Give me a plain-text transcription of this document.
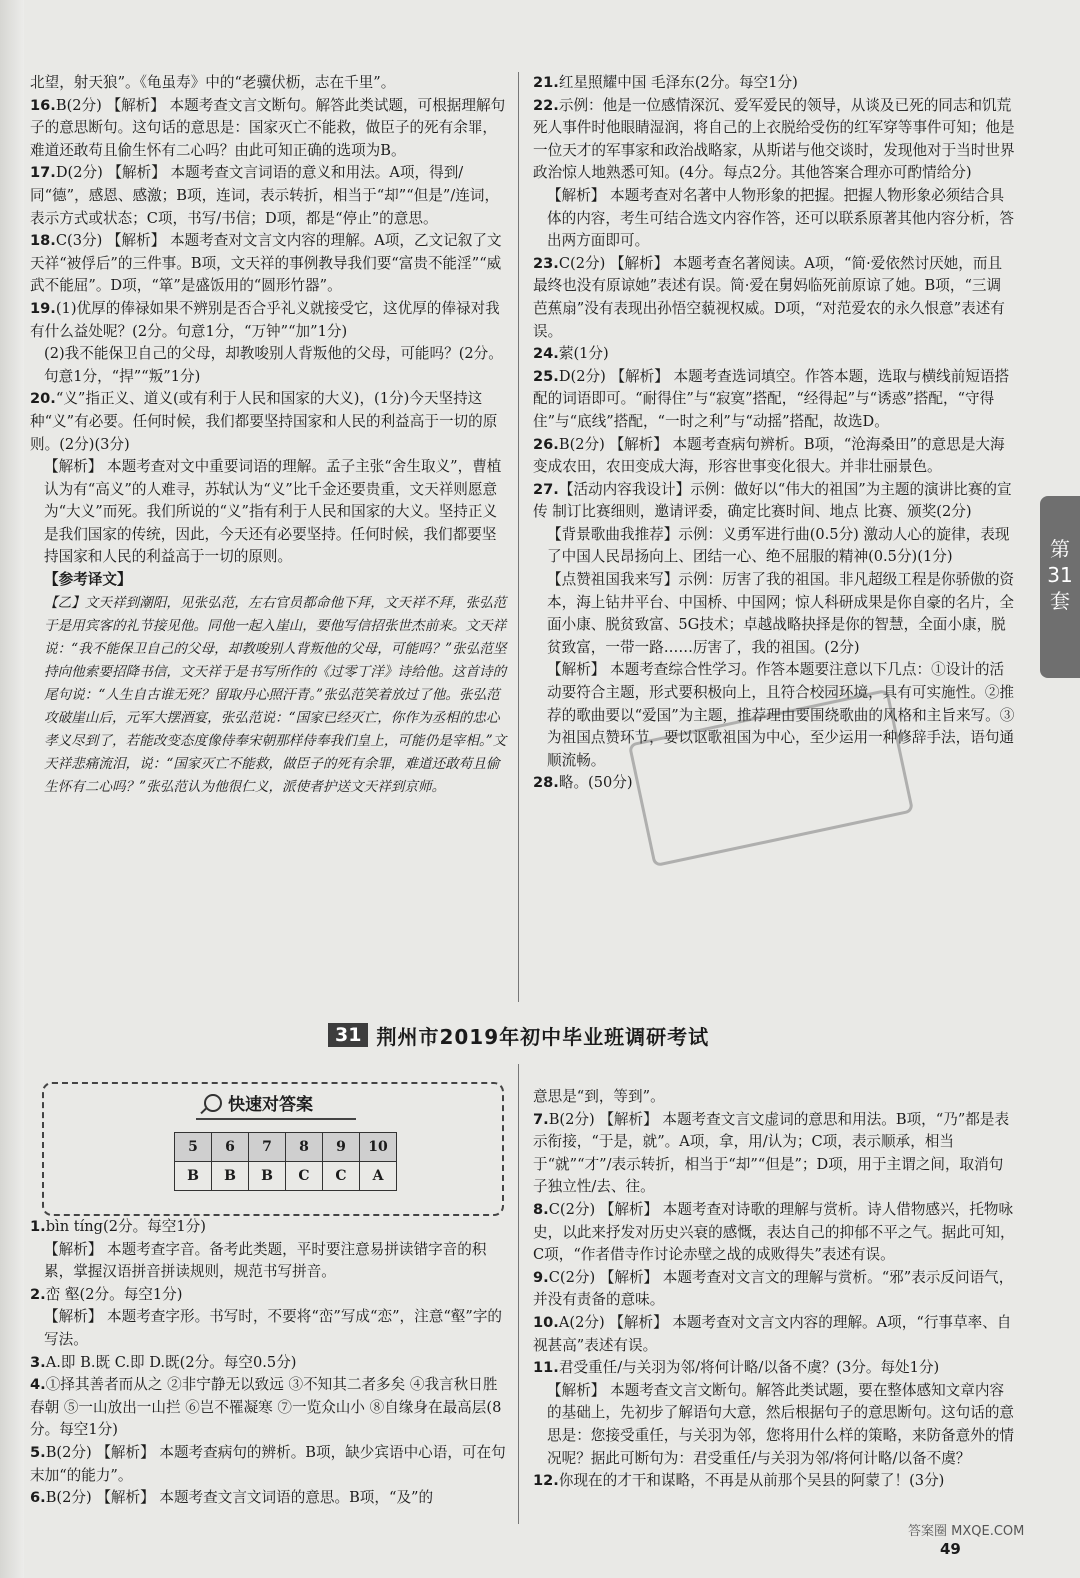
北望，射天狼”。《龟虽寿》中的“老骥伏枥，志在千里”。

16.B(2分) 【解析】 本题考查文言文断句。解答此类试题，可根据理解句子的意思断句。这句话的意思是：国家灭亡不能救，做臣子的死有余罪，难道还敢苟且偷生怀有二心吗？由此可知正确的选项为B。

17.D(2分) 【解析】 本题考查文言词语的意义和用法。A项，得到/同“德”，感恩、感激；B项，连词，表示转折，相当于“却”“但是”/连词，表示方式或状态；C项，书写/书信；D项，都是“停止”的意思。

18.C(3分) 【解析】 本题考查对文言文内容的理解。A项，乙文记叙了文天祥“被俘后”的三件事。B项，文天祥的事例教导我们要“富贵不能淫”“威武不能屈”。D项，“箪”是盛饭用的“圆形竹器”。

19.(1)优厚的俸禄如果不辨别是否合乎礼义就接受它，这优厚的俸禄对我有什么益处呢？(2分。句意1分，“万钟”“加”1分)

(2)我不能保卫自己的父母，却教唆别人背叛他的父母，可能吗？(2分。句意1分，“捍”“叛”1分)

20.“义”指正义、道义(或有利于人民和国家的大义)，(1分)今天坚持这种“义”有必要。任何时候，我们都要坚持国家和人民的利益高于一切的原则。(2分)(3分)

【解析】 本题考查对文中重要词语的理解。孟子主张“舍生取义”，曹植认为有“高义”的人难寻，苏轼认为“义”比千金还要贵重，文天祥则愿意为“大义”而死。我们所说的“义”指有利于人民和国家的大义。坚持正义是我们国家的传统，因此，今天还有必要坚持。任何时候，我们都要坚持国家和人民的利益高于一切的原则。

【参考译文】

【乙】文天祥到潮阳，见张弘范，左右官员都命他下拜，文天祥不拜，张弘范于是用宾客的礼节接见他。同他一起入崖山，要他写信招张世杰前来。文天祥说：“我不能保卫自己的父母，却教唆别人背叛他的父母，可能吗？”张弘范坚持向他索要招降书信，文天祥于是书写所作的《过零丁洋》诗给他。这首诗的尾句说：“人生自古谁无死？留取丹心照汗青。”张弘范笑着放过了他。张弘范攻破崖山后，元军大摆酒宴，张弘范说：“国家已经灭亡，你作为丞相的忠心孝义尽到了，若能改变态度像侍奉宋朝那样侍奉我们皇上，可能仍是宰相。”文天祥悲痛流泪，说：“国家灭亡不能救，做臣子的死有余罪，难道还敢苟且偷生怀有二心吗？”张弘范认为他很仁义，派使者护送文天祥到京师。

21.红星照耀中国 毛泽东(2分。每空1分)

22.示例：他是一位感情深沉、爱军爱民的领导，从谈及已死的同志和饥荒死人事件时他眼睛湿润，将自己的上衣脱给受伤的红军穿等事件可知；他是一位天才的军事家和政治战略家，从斯诺与他交谈时，发现他对于当时世界政治惊人地熟悉可知。(4分。每点2分。其他答案合理亦可酌情给分)

【解析】 本题考查对名著中人物形象的把握。把握人物形象必须结合具体的内容，考生可结合选文内容作答，还可以联系原著其他内容分析，答出两方面即可。

23.C(2分) 【解析】 本题考查名著阅读。A项，“简·爱依然讨厌她，而且最终也没有原谅她”表述有误。简·爱在舅妈临死前原谅了她。B项，“三调芭蕉扇”没有表现出孙悟空藐视权威。D项，“对范爱农的永久恨意”表述有误。

24.萦(1分)

25.D(2分) 【解析】 本题考查选词填空。作答本题，选取与横线前短语搭配的词语即可。“耐得住”与“寂寞”搭配，“经得起”与“诱惑”搭配，“守得住”与“底线”搭配，“一时之利”与“动摇”搭配，故选D。

26.B(2分) 【解析】 本题考查病句辨析。B项，“沧海桑田”的意思是大海变成农田，农田变成大海，形容世事变化很大。并非壮丽景色。

27.【活动内容我设计】示例：做好以“伟大的祖国”为主题的演讲比赛的宣传 制订比赛细则，邀请评委，确定比赛时间、地点 比赛、颁奖(2分)

【背景歌曲我推荐】示例：义勇军进行曲(0.5分) 激动人心的旋律，表现了中国人民昂扬向上、团结一心、绝不屈服的精神(0.5分)(1分)

【点赞祖国我来写】示例：厉害了我的祖国。非凡超级工程是你骄傲的资本，海上钻井平台、中国桥、中国网；惊人科研成果是你自豪的名片，全面小康、脱贫致富、5G技术；卓越战略抉择是你的智慧，全面小康，脱贫致富，一带一路……厉害了，我的祖国。(2分)

【解析】 本题考查综合性学习。作答本题要注意以下几点：①设计的活动要符合主题，形式要积极向上，且符合校园环境，具有可实施性。②推荐的歌曲要以“爱国”为主题，推荐理由要围绕歌曲的风格和主旨来写。③为祖国点赞环节，要以讴歌祖国为中心，至少运用一种修辞手法，语句通顺流畅。

28.略。(50分)

31 荆州市2019年初中毕业班调研考试
快速对答案
5	6	7	8	9	10
B	B	B	C	C	A

1.bìn tíng(2分。每空1分)

【解析】 本题考查字音。备考此类题，平时要注意易拼读错字音的积累，掌握汉语拼音拼读规则，规范书写拼音。

2.峦 壑(2分。每空1分)

【解析】 本题考查字形。书写时，不要将“峦”写成“恋”，注意“壑”字的写法。

3.A.即 B.既 C.即 D.既(2分。每空0.5分)

4.①择其善者而从之 ②非宁静无以致远 ③不知其二者多矣 ④我言秋日胜春朝 ⑤一山放出一山拦 ⑥岂不罹凝寒 ⑦一览众山小 ⑧自缘身在最高层(8分。每空1分)

5.B(2分) 【解析】 本题考查病句的辨析。B项，缺少宾语中心语，可在句末加“的能力”。

6.B(2分) 【解析】 本题考查文言文词语的意思。B项，“及”的

意思是“到，等到”。

7.B(2分) 【解析】 本题考查文言文虚词的意思和用法。B项，“乃”都是表示衔接，“于是，就”。A项，拿，用/认为；C项，表示顺承，相当于“就”“才”/表示转折，相当于“却”“但是”；D项，用于主谓之间，取消句子独立性/去、往。

8.C(2分) 【解析】 本题考查对诗歌的理解与赏析。诗人借物感兴，托物咏史，以此来抒发对历史兴衰的感慨，表达自己的抑郁不平之气。据此可知，C项，“作者借寺作讨论赤壁之战的成败得失”表述有误。

9.C(2分) 【解析】 本题考查对文言文的理解与赏析。“邪”表示反问语气，并没有责备的意味。

10.A(2分) 【解析】 本题考查对文言文内容的理解。A项，“行事草率、自视甚高”表述有误。

11.君受重任/与关羽为邻/将何计略/以备不虞？(3分。每处1分)

【解析】 本题考查文言文断句。解答此类试题，要在整体感知文章内容的基础上，先初步了解语句大意，然后根据句子的意思断句。这句话的意思是：您接受重任，与关羽为邻，您将用什么样的策略，来防备意外的情况呢？据此可断句为：君受重任/与关羽为邻/将何计略/以备不虞？

12.你现在的才干和谋略，不再是从前那个吴县的阿蒙了！(3分)

第31套
49
答案圈 MXQE.COM
